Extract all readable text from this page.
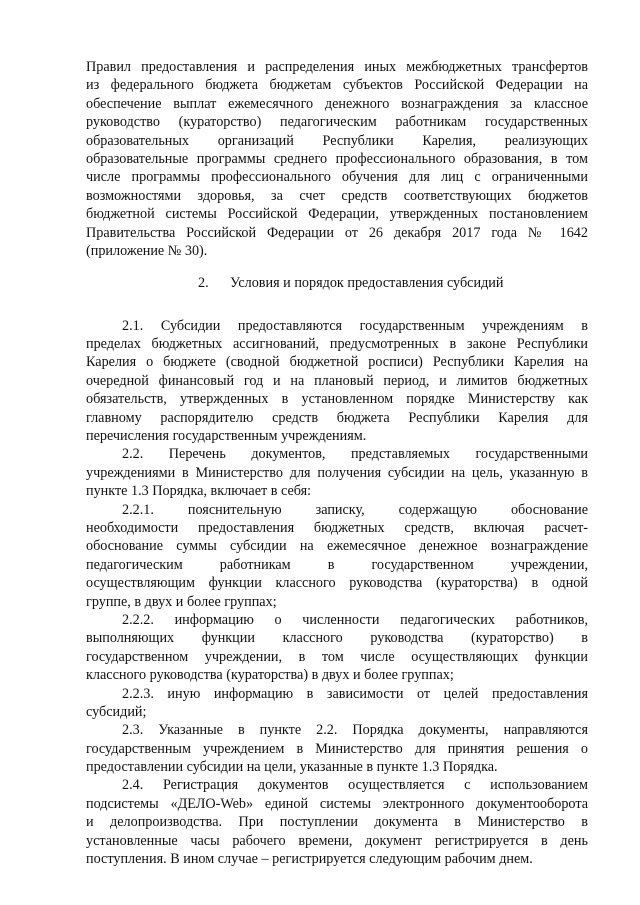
Правил предоставления и распределения иных межбюджетных трансфертов
из федерального бюджета бюджетам субъектов Российской Федерации на
обеспечение выплат ежемесячного денежного вознаграждения за классное
руководство (кураторство) педагогическим работникам государственных
образовательных организаций Республики Карелия, реализующих
образовательные программы среднего профессионального образования, в том
числе программы профессионального обучения для лиц с ограниченными
возможностями здоровья, за счет средств соответствующих бюджетов
бюджетной системы Российской Федерации, утвержденных постановлением
Правительства Российской Федерации от 26 декабря 2017 года № 1642
(приложение № 30).
2. Условия и порядок предоставления субсидий
2.1. Субсидии предоставляются государственным учреждениям в
пределах бюджетных ассигнований, предусмотренных в законе Республики
Карелия о бюджете (сводной бюджетной росписи) Республики Карелия на
очередной финансовый год и на плановый период, и лимитов бюджетных
обязательств, утвержденных в установленном порядке Министерству как
главному распорядителю средств бюджета Республики Карелия для
перечисления государственным учреждениям.
2.2. Перечень документов, представляемых государственными
учреждениями в Министерство для получения субсидии на цель, указанную в
пункте 1.3 Порядка, включает в себя:
2.2.1. пояснительную записку, содержащую обоснование
необходимости предоставления бюджетных средств, включая расчет-
обоснование суммы субсидии на ежемесячное денежное вознаграждение
педагогическим работникам в государственном учреждении,
осуществляющим функции классного руководства (кураторства) в одной
группе, в двух и более группах;
2.2.2. информацию о численности педагогических работников,
выполняющих функции классного руководства (кураторство) в
государственном учреждении, в том числе осуществляющих функции
классного руководства (кураторства) в двух и более группах;
2.2.3. иную информацию в зависимости от целей предоставления
субсидий;
2.3. Указанные в пункте 2.2. Порядка документы, направляются
государственным учреждением в Министерство для принятия решения о
предоставлении субсидии на цели, указанные в пункте 1.3 Порядка.
2.4. Регистрация документов осуществляется с использованием
подсистемы «ДЕЛО-Web» единой системы электронного документооборота
и делопроизводства. При поступлении документа в Министерство в
установленные часы рабочего времени, документ регистрируется в день
поступления. В ином случае – регистрируется следующим рабочим днем.
